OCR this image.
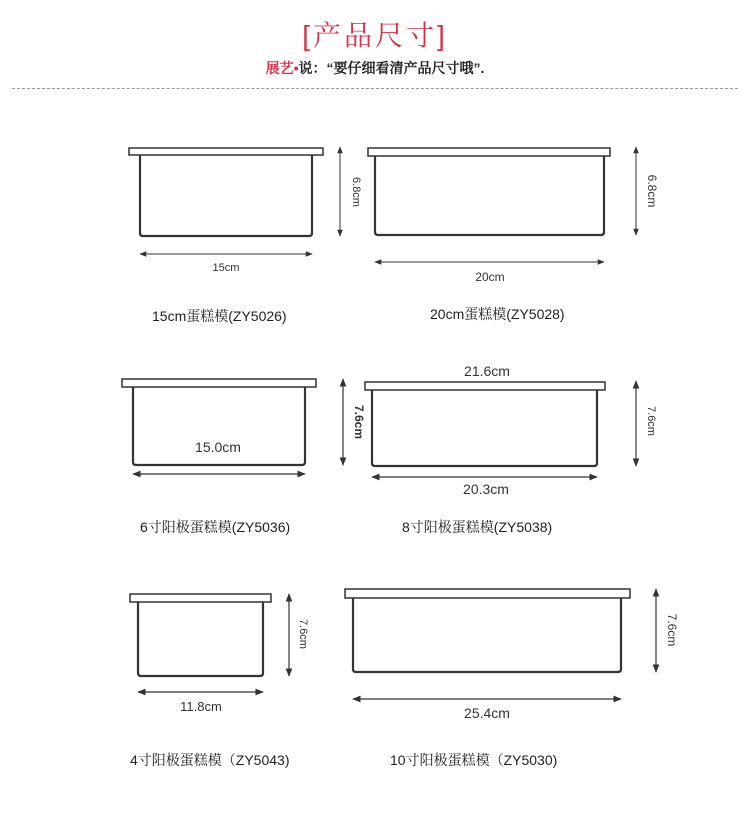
[产品尺寸]
展艺•说：“要仔细看清产品尺寸哦”.
15cm
6.8cm
20cm
6.8cm
15.0cm
7.6cm
21.6cm
20.3cm
7.6cm
11.8cm
7.6cm
25.4cm
7.6cm
15cm蛋糕模(ZY5026)	20cm蛋糕模(ZY5028)
6寸阳极蛋糕模(ZY5036)	8寸阳极蛋糕模(ZY5038)
4寸阳极蛋糕模（ZY5043)	10寸阳极蛋糕模（ZY5030)
